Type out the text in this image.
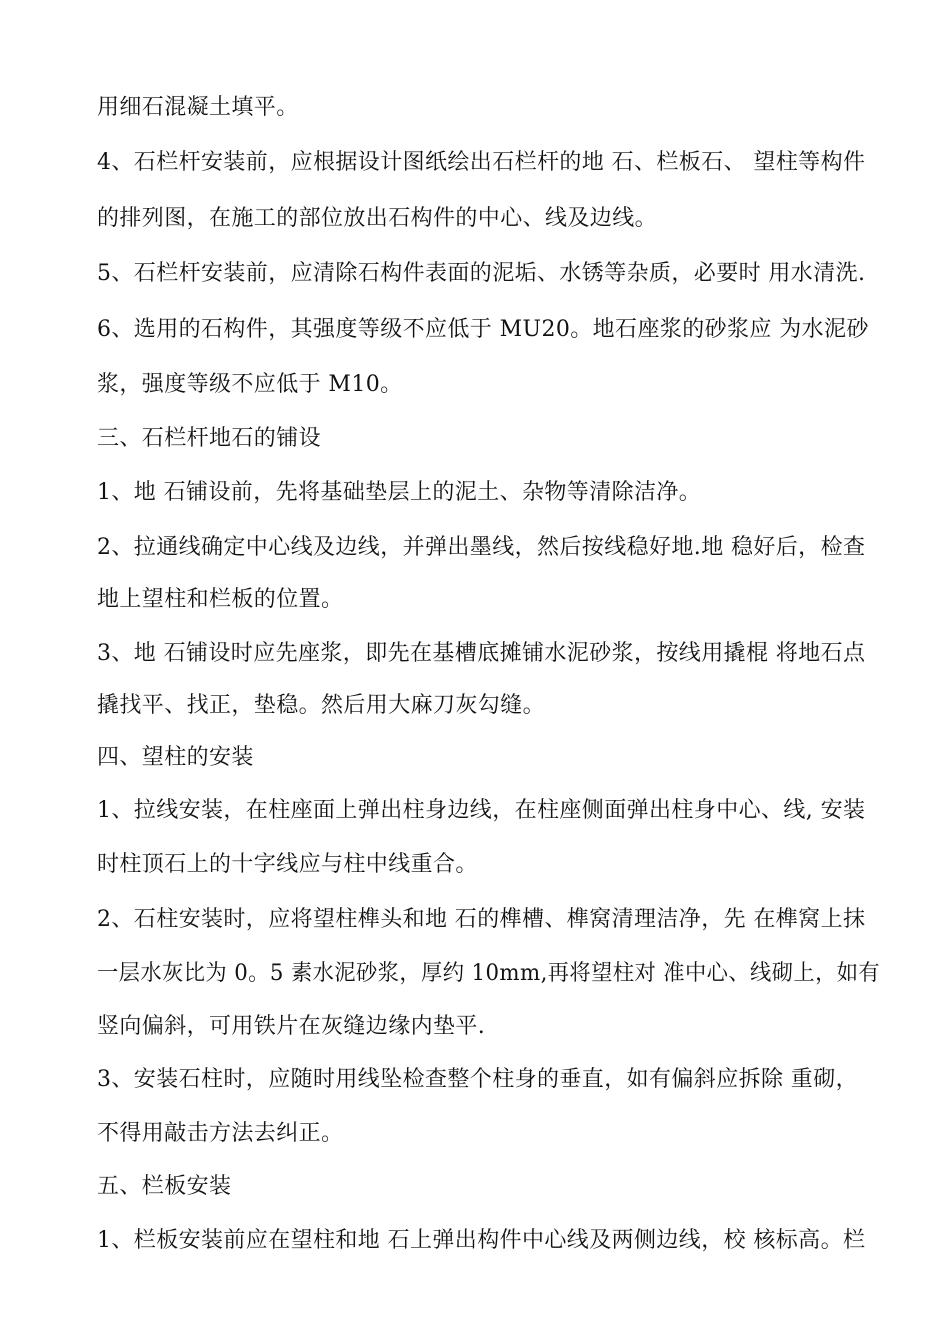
用细石混凝土填平。
4、石栏杆安装前，应根据设计图纸绘出石栏杆的地 石、栏板石、 望柱等构件
的排列图，在施工的部位放出石构件的中心、线及边线。
5、石栏杆安装前，应清除石构件表面的泥垢、水锈等杂质，必要时 用水清洗.
6、选用的石构件，其强度等级不应低于 MU20。地石座浆的砂浆应 为水泥砂
浆，强度等级不应低于 M10。
三、石栏杆地石的铺设
1、地 石铺设前，先将基础垫层上的泥土、杂物等清除洁净。
2、拉通线确定中心线及边线，并弹出墨线，然后按线稳好地.地 稳好后，检查
地上望柱和栏板的位置。
3、地 石铺设时应先座浆，即先在基槽底摊铺水泥砂浆，按线用撬棍 将地石点
撬找平、找正，垫稳。然后用大麻刀灰勾缝。
四、望柱的安装
1、拉线安装，在柱座面上弹出柱身边线，在柱座侧面弹出柱身中心、线, 安装
时柱顶石上的十字线应与柱中线重合。
2、石柱安装时，应将望柱榫头和地 石的榫槽、榫窝清理洁净，先 在榫窝上抹
一层水灰比为 0。5 素水泥砂浆，厚约 10mm,再将望柱对 准中心、线砌上，如有
竖向偏斜，可用铁片在灰缝边缘内垫平.
3、安装石柱时，应随时用线坠检查整个柱身的垂直，如有偏斜应拆除 重砌，
不得用敲击方法去纠正。
五、栏板安装
1、栏板安装前应在望柱和地 石上弹出构件中心线及两侧边线，校 核标高。栏
